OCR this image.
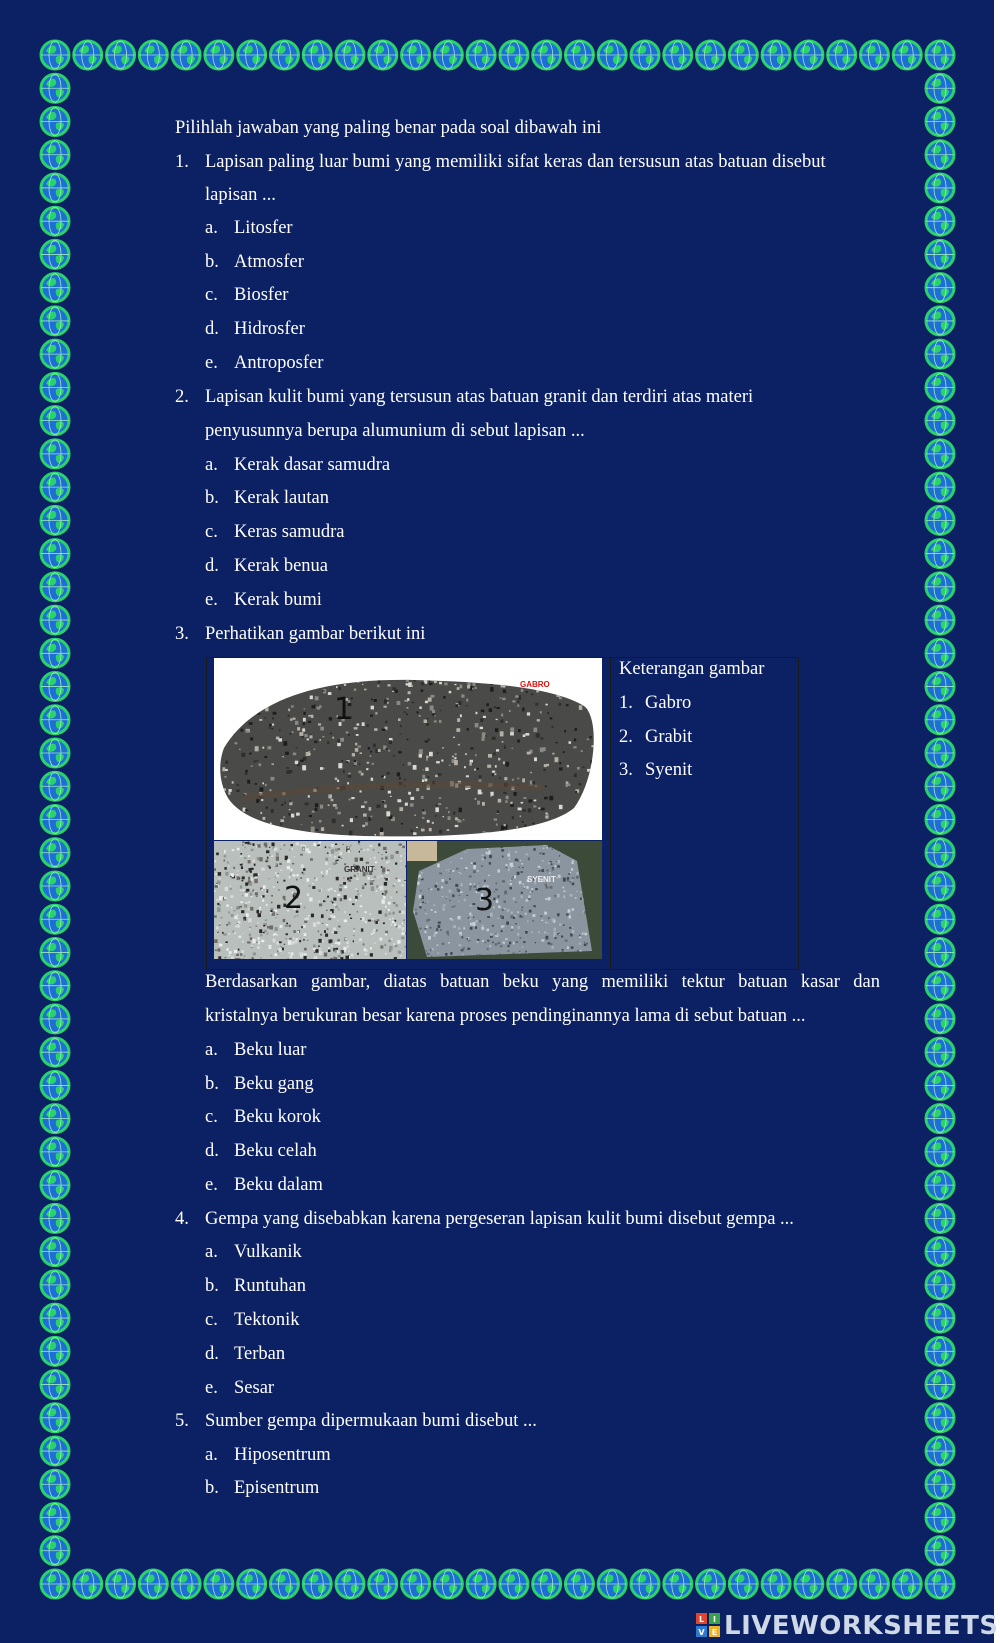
Pilihlah jawaban yang paling benar pada soal dibawah ini
1. Lapisan paling luar bumi yang memiliki sifat keras dan tersusun atas batuan disebut
lapisan ...
a. Litosfer
b. Atmosfer
c. Biosfer
d. Hidrosfer
e. Antroposfer
2. Lapisan kulit bumi yang tersusun atas batuan granit dan terdiri atas materi
penyusunnya berupa alumunium di sebut lapisan ...
a. Kerak dasar samudra
b. Kerak lautan
c. Keras samudra
d. Kerak benua
e. Kerak bumi
3. Perhatikan gambar berikut ini
1
GABRO
2
GRANIT
3
SYENIT
Keterangan gambar
1. Gabro
2. Grabit
3. Syenit
Berdasarkan gambar, diatas batuan beku yang memiliki tektur batuan kasar dan
kristalnya berukuran besar karena proses pendinginannya lama di sebut batuan ...
a. Beku luar
b. Beku gang
c. Beku korok
d. Beku celah
e. Beku dalam
4. Gempa yang disebabkan karena pergeseran lapisan kulit bumi disebut gempa ...
a. Vulkanik
b. Runtuhan
c. Tektonik
d. Terban
e. Sesar
5. Sumber gempa dipermukaan bumi disebut ...
a. Hiposentrum
b. Episentrum
L I
V E LIVEWORKSHEETS
